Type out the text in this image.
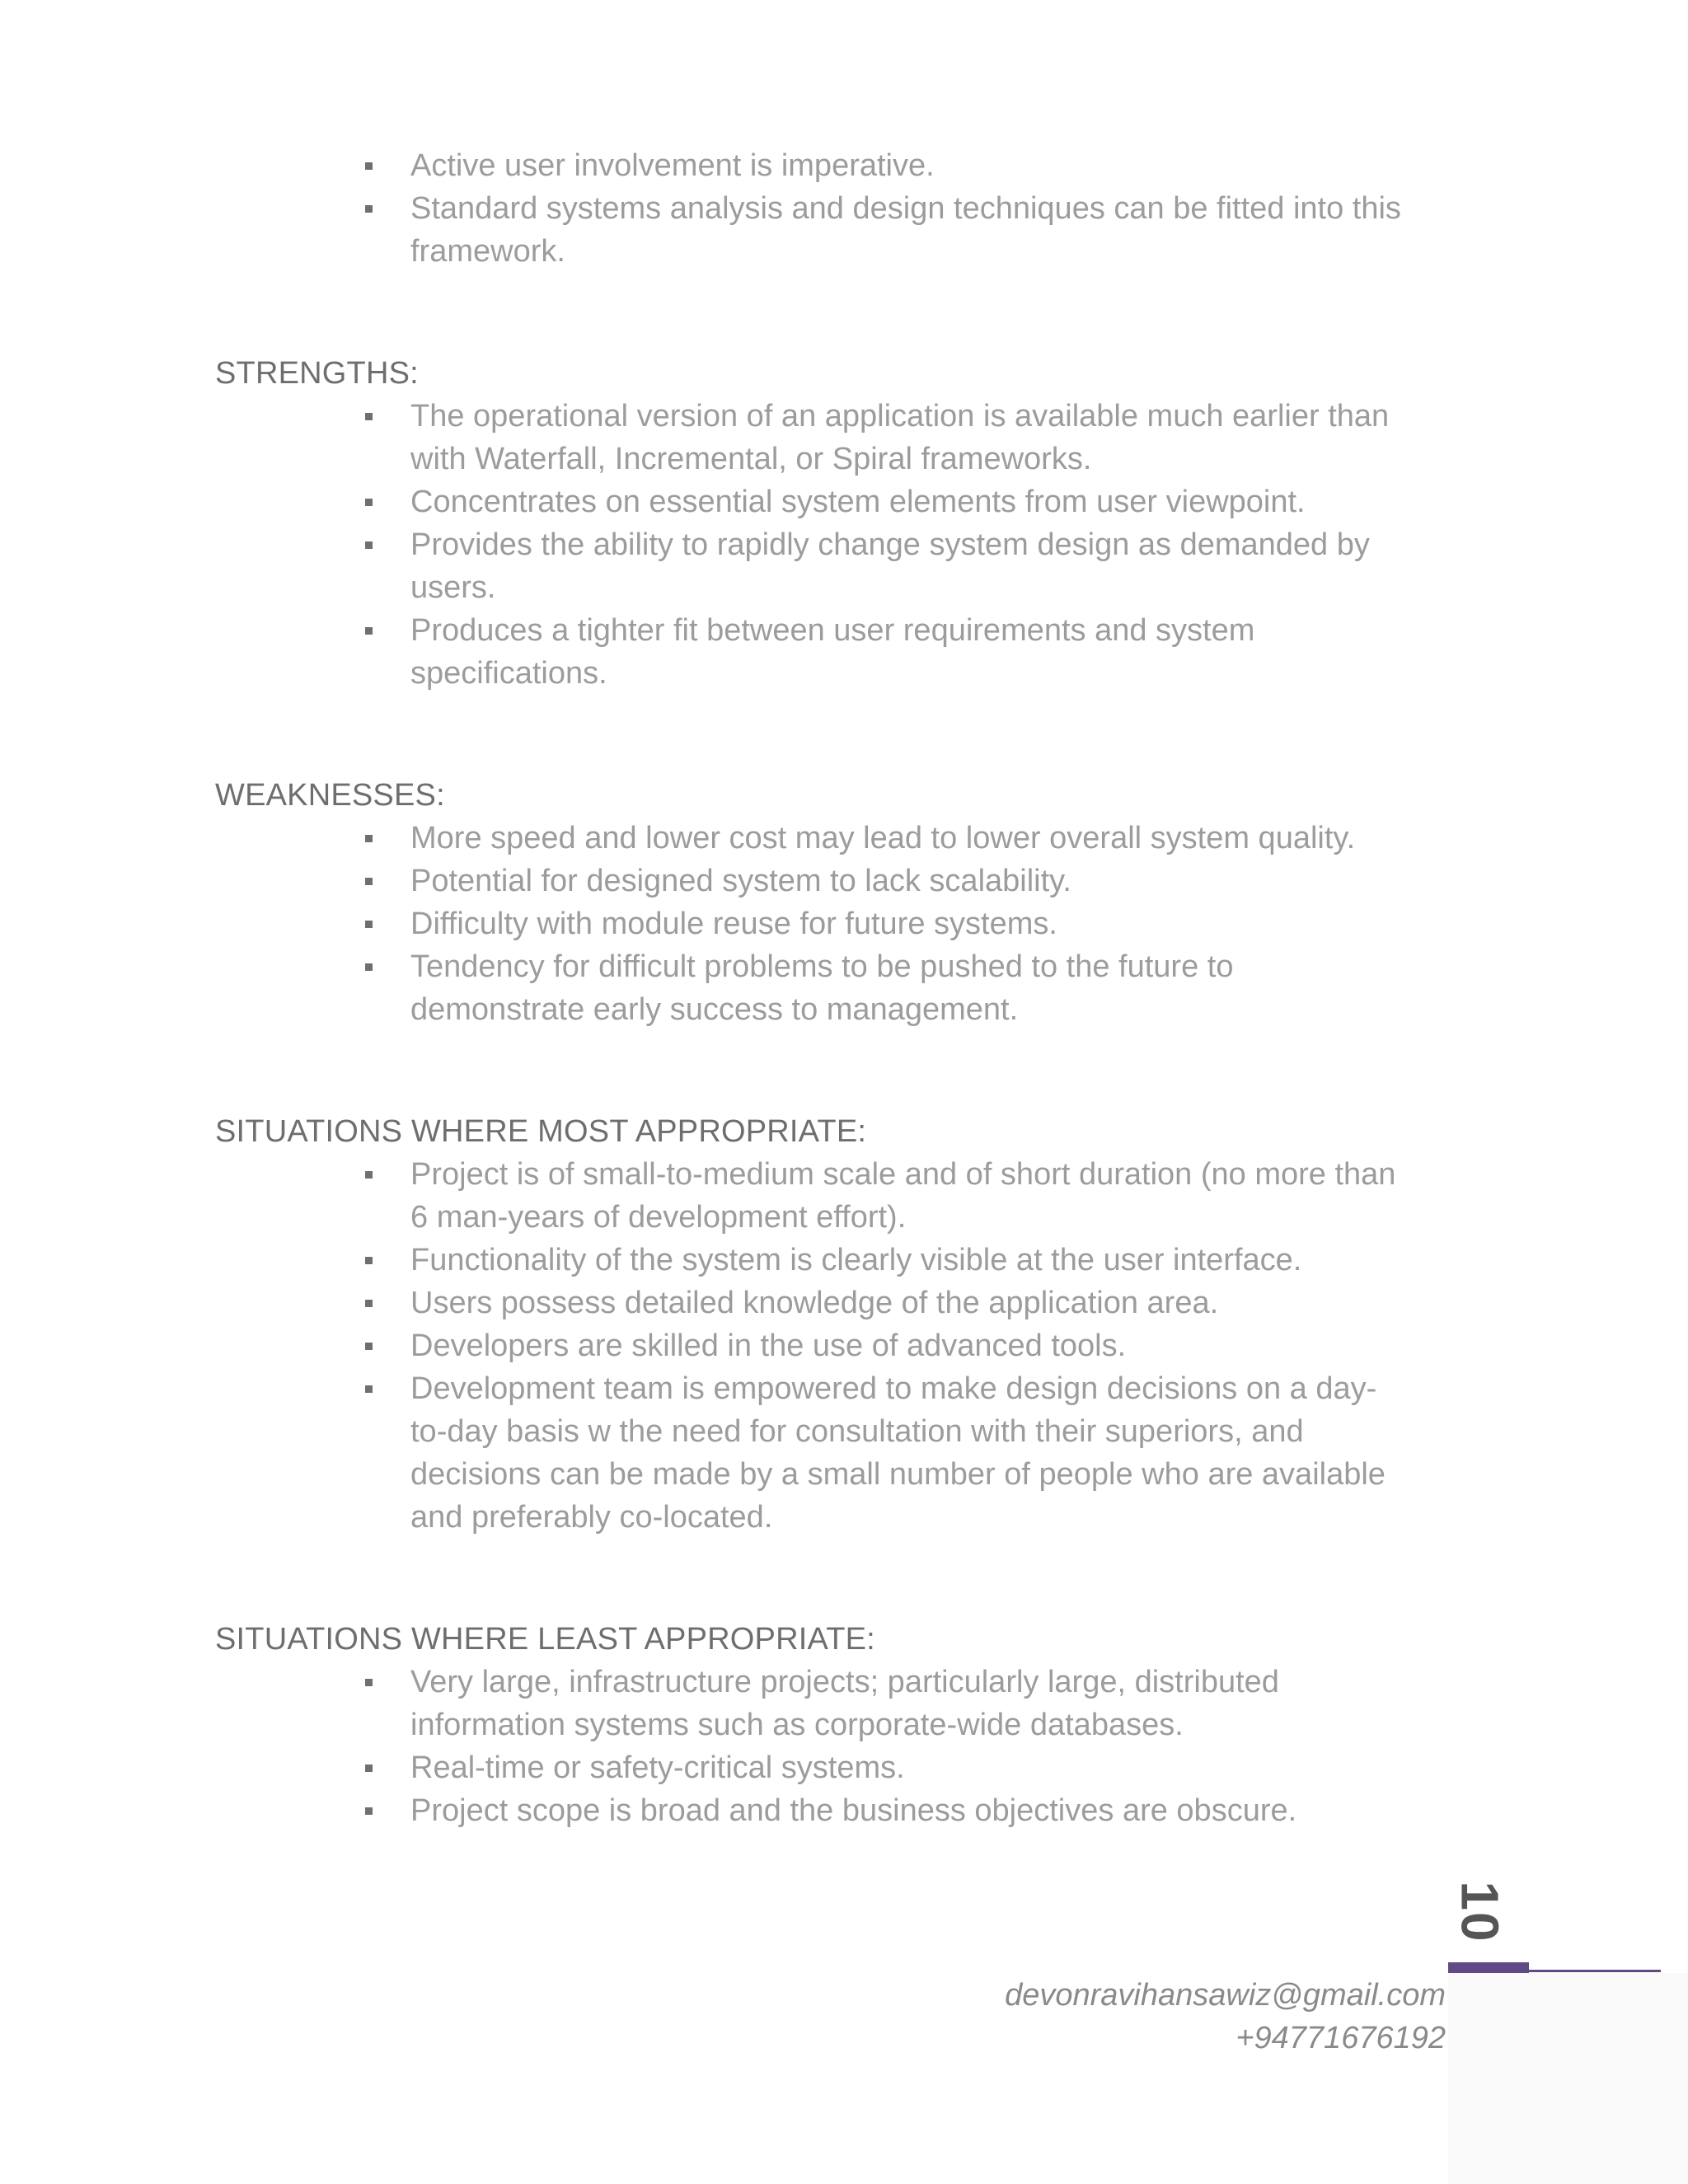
Active user involvement is imperative.
Standard systems analysis and design techniques can be fitted into this framework.

STRENGTHS:

The operational version of an application is available much earlier than with Waterfall, Incremental, or Spiral frameworks.
Concentrates on essential system elements from user viewpoint.
Provides the ability to rapidly change system design as demanded by users.
Produces a tighter fit between user requirements and system specifications.

WEAKNESSES:

More speed and lower cost may lead to lower overall system quality.
Potential for designed system to lack scalability.
Difficulty with module reuse for future systems.
Tendency for difficult problems to be pushed to the future to demonstrate early success to management.

SITUATIONS WHERE MOST APPROPRIATE:

Project is of small-to-medium scale and of short duration (no more than 6 man-years of development effort).
Functionality of the system is clearly visible at the user interface.
Users possess detailed knowledge of the application area.
Developers are skilled in the use of advanced tools.
Development team is empowered to make design decisions on a day-to-day basis w the need for consultation with their superiors, and decisions can be made by a small number of people who are available and preferably co-located.

SITUATIONS WHERE LEAST APPROPRIATE:

Very large, infrastructure projects; particularly large, distributed information systems such as corporate-wide databases.
Real-time or safety-critical systems.
Project scope is broad and the business objectives are obscure.
10
devonravihansawiz@gmail.com
+94771676192
